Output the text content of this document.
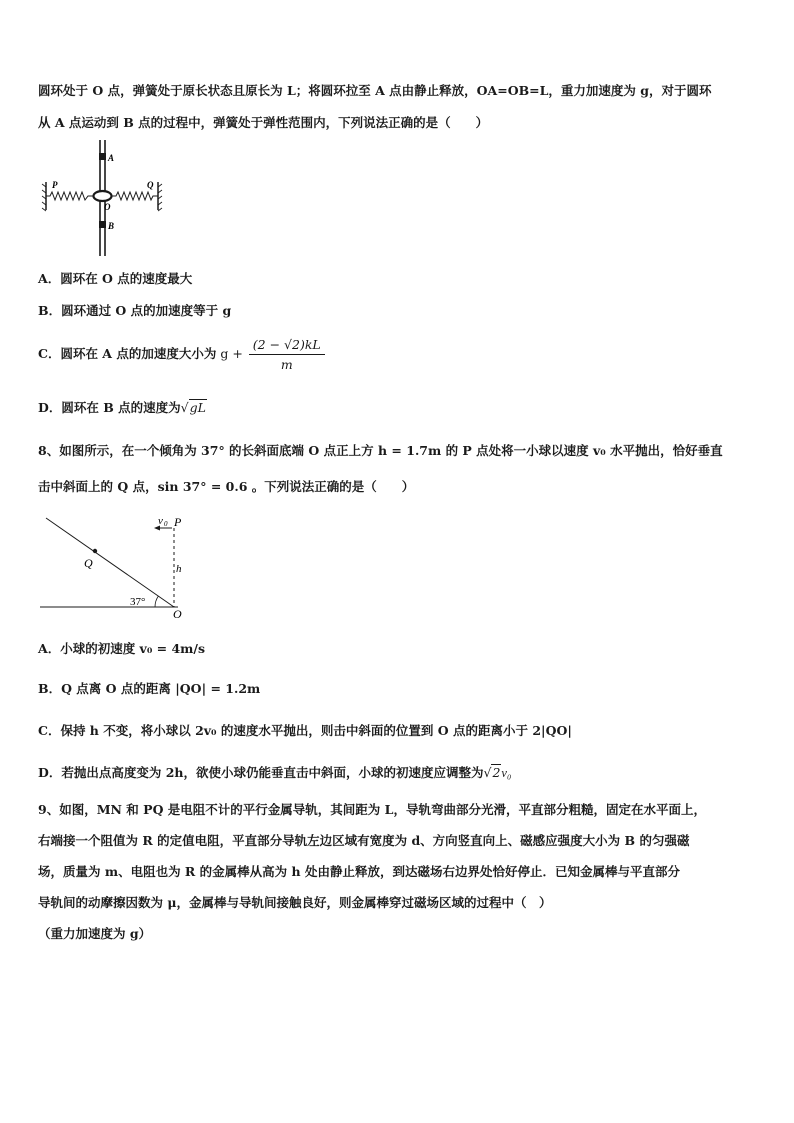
圆环处于 O 点，弹簧处于原长状态且原长为 L；将圆环拉至 A 点由静止释放，OA=OB=L，重力加速度为 g，对于圆环
从 A 点运动到 B 点的过程中，弹簧处于弹性范围内，下列说法正确的是（　　）
A
B
O
P	Q
A．圆环在 O 点的速度最大
B．圆环通过 O 点的加速度等于 g
C．圆环在 A 点的加速度大小为 $g + \frac{(2 - √2)kL}{m}$
D．圆环在 B 点的速度为√gL
8、如图所示，在一个倾角为 37° 的长斜面底端 O 点正上方 h = 1.7m 的 P 点处将一小球以速度 v₀ 水平抛出，恰好垂直
击中斜面上的 Q 点，sin 37° = 0.6 。下列说法正确的是（　　）
v 0 P
h
Q
37°
O
A．小球的初速度 v₀ = 4m/s
B．Q 点离 O 点的距离 |QO| = 1.2m
C．保持 h 不变，将小球以 2v₀ 的速度水平抛出，则击中斜面的位置到 O 点的距离小于 2|QO|
D．若抛出点高度变为 2h，欲使小球仍能垂直击中斜面，小球的初速度应调整为√2v₀
9、如图，MN 和 PQ 是电阻不计的平行金属导轨，其间距为 L，导轨弯曲部分光滑，平直部分粗糙，固定在水平面上，
右端接一个阻值为 R 的定值电阻，平直部分导轨左边区域有宽度为 d、方向竖直向上、磁感应强度大小为 B 的匀强磁
场，质量为 m、电阻也为 R 的金属棒从高为 h 处由静止释放，到达磁场右边界处恰好停止．已知金属棒与平直部分
导轨间的动摩擦因数为 μ，金属棒与导轨间接触良好，则金属棒穿过磁场区域的过程中（　）
（重力加速度为 g）
